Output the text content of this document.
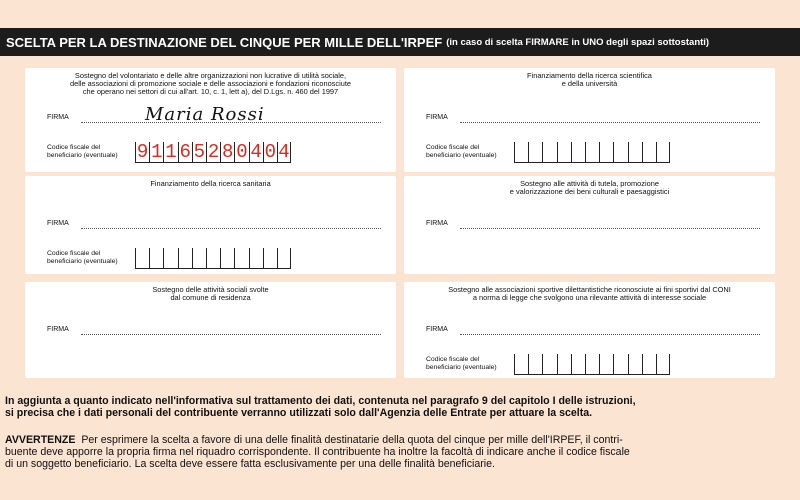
SCELTA PER LA DESTINAZIONE DEL CINQUE PER MILLE DELL'IRPEF (in caso di scelta FIRMARE in UNO degli spazi sottostanti)
Sostegno del volontariato e delle altre organizzazioni non lucrative di utilità sociale,
delle associazioni di promozione sociale e delle associazioni e fondazioni riconosciute
che operano nei settori di cui all'art. 10, c. 1, lett a), del D.Lgs. n. 460 del 1997
FIRMA	Maria Rossi
Codice fiscale del
beneficiario (eventuale) 9 1 1 6 5 2 8 0 4 0 4
Finanziamento della ricerca scientifica
e della università
FIRMA
Codice fiscale del
beneficiario (eventuale)
Finanziamento della ricerca sanitaria
FIRMA
Codice fiscale del
beneficiario (eventuale)
Sostegno alle attività di tutela, promozione
e valorizzazione dei beni culturali e paesaggistici
FIRMA
Sostegno delle attività sociali svolte
dal comune di residenza
FIRMA
Sostegno alle associazioni sportive dilettantistiche riconosciute ai fini sportivi dal CONI
a norma di legge che svolgono una rilevante attività di interesse sociale
FIRMA
Codice fiscale del
beneficiario (eventuale)
In aggiunta a quanto indicato nell'informativa sul trattamento dei dati, contenuta nel paragrafo 9 del capitolo I delle istruzioni,
si precisa che i dati personali del contribuente verranno utilizzati solo dall'Agenzia delle Entrate per attuare la scelta.
AVVERTENZE Per esprimere la scelta a favore di una delle finalità destinatarie della quota del cinque per mille dell'IRPEF, il contri-
buente deve apporre la propria firma nel riquadro corrispondente. Il contribuente ha inoltre la facoltà di indicare anche il codice fiscale
di un soggetto beneficiario. La scelta deve essere fatta esclusivamente per una delle finalità beneficiarie.
